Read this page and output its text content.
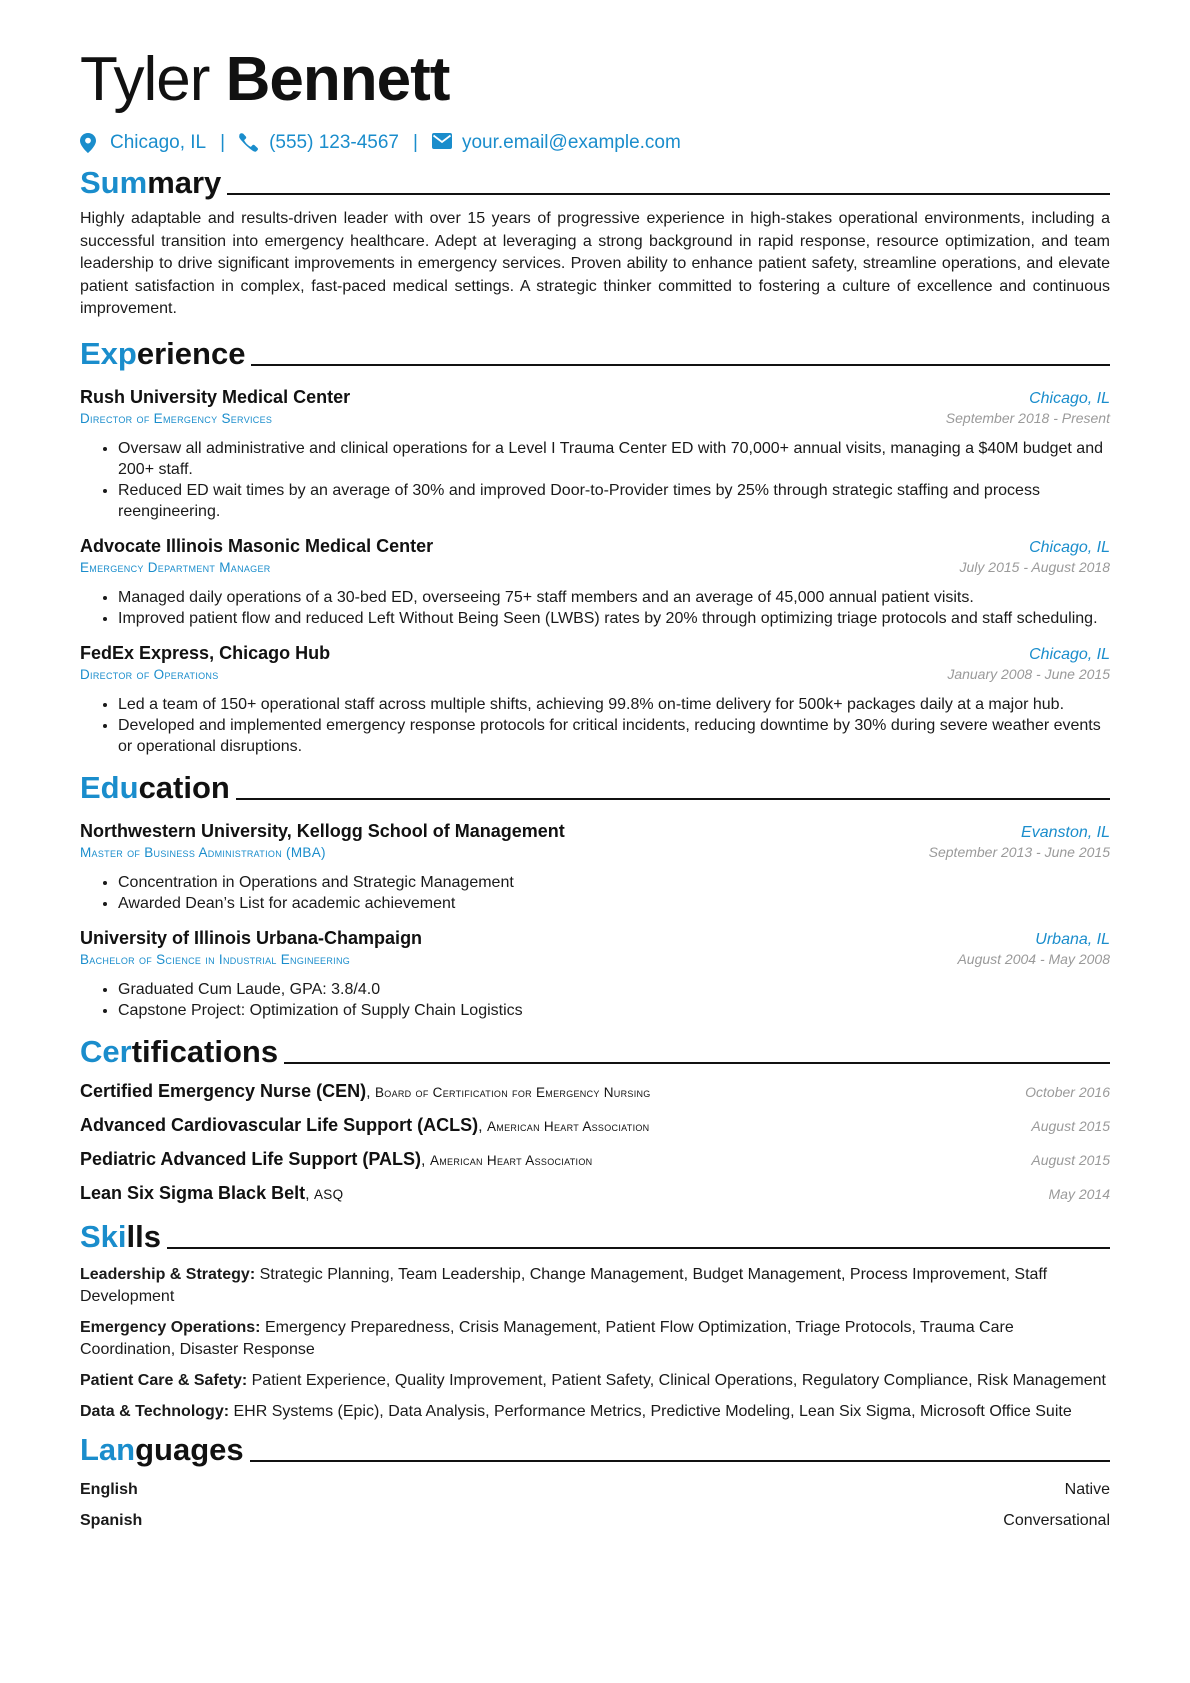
Tyler Bennett
Chicago, IL | (555) 123-4567 | your.email@example.com
Summary
Highly adaptable and results-driven leader with over 15 years of progressive experience in high-stakes operational environments, including a successful transition into emergency healthcare. Adept at leveraging a strong background in rapid response, resource optimization, and team leadership to drive significant improvements in emergency services. Proven ability to enhance patient safety, streamline operations, and elevate patient satisfaction in complex, fast-paced medical settings. A strategic thinker committed to fostering a culture of excellence and continuous improvement.
Experience
Rush University Medical Center	Chicago, IL
Director of Emergency Services	September 2018 - Present
• Oversaw all administrative and clinical operations for a Level I Trauma Center ED with 70,000+ annual visits, managing a $40M budget and 200+ staff.
• Reduced ED wait times by an average of 30% and improved Door-to-Provider times by 25% through strategic staffing and process reengineering.
Advocate Illinois Masonic Medical Center	Chicago, IL
Emergency Department Manager	July 2015 - August 2018
• Managed daily operations of a 30-bed ED, overseeing 75+ staff members and an average of 45,000 annual patient visits.
• Improved patient flow and reduced Left Without Being Seen (LWBS) rates by 20% through optimizing triage protocols and staff scheduling.
FedEx Express, Chicago Hub	Chicago, IL
Director of Operations	January 2008 - June 2015
• Led a team of 150+ operational staff across multiple shifts, achieving 99.8% on-time delivery for 500k+ packages daily at a major hub.
• Developed and implemented emergency response protocols for critical incidents, reducing downtime by 30% during severe weather events or operational disruptions.
Education
Northwestern University, Kellogg School of Management	Evanston, IL
Master of Business Administration (MBA)	September 2013 - June 2015
• Concentration in Operations and Strategic Management
• Awarded Dean’s List for academic achievement
University of Illinois Urbana-Champaign	Urbana, IL
Bachelor of Science in Industrial Engineering	August 2004 - May 2008
• Graduated Cum Laude, GPA: 3.8/4.0
• Capstone Project: Optimization of Supply Chain Logistics
Certifications
Certified Emergency Nurse (CEN), Board of Certification for Emergency Nursing	October 2016
Advanced Cardiovascular Life Support (ACLS), American Heart Association	August 2015
Pediatric Advanced Life Support (PALS), American Heart Association	August 2015
Lean Six Sigma Black Belt, ASQ	May 2014
Skills
Leadership & Strategy: Strategic Planning, Team Leadership, Change Management, Budget Management, Process Improvement, Staff Development
Emergency Operations: Emergency Preparedness, Crisis Management, Patient Flow Optimization, Triage Protocols, Trauma Care Coordination, Disaster Response
Patient Care & Safety: Patient Experience, Quality Improvement, Patient Safety, Clinical Operations, Regulatory Compliance, Risk Management
Data & Technology: EHR Systems (Epic), Data Analysis, Performance Metrics, Predictive Modeling, Lean Six Sigma, Microsoft Office Suite
Languages
English	Native
Spanish	Conversational
